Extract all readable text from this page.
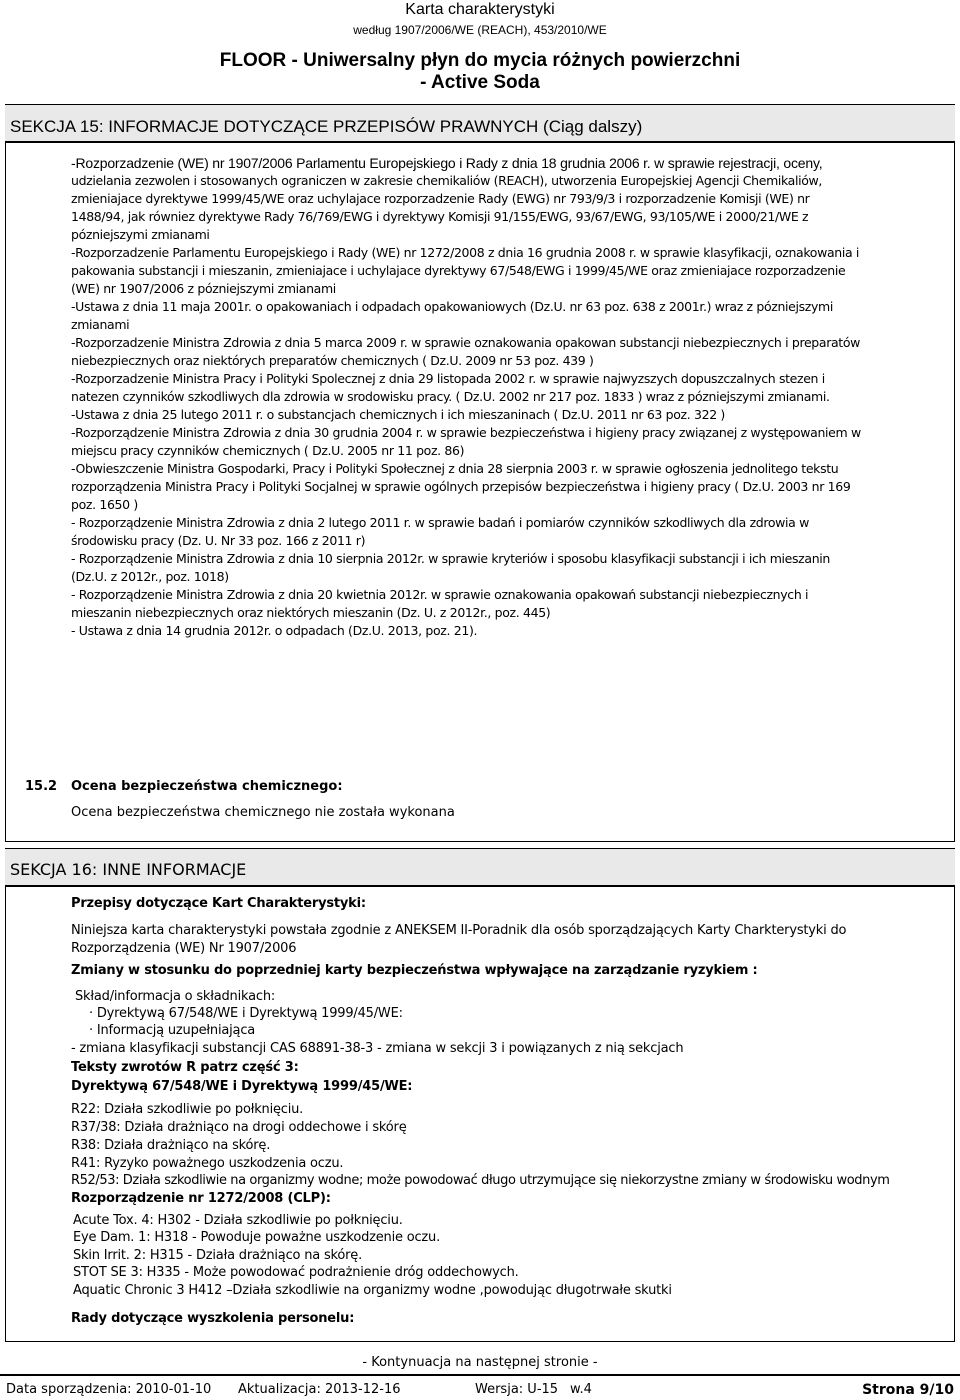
Karta charakterystyki
według 1907/2006/WE (REACH), 453/2010/WE
FLOOR - Uniwersalny płyn do mycia różnych powierzchni
- Active Soda
SEKCJA 15: INFORMACJE DOTYCZĄCE PRZEPISÓW PRAWNYCH (Ciąg dalszy)
-Rozporzadzenie (WE) nr 1907/2006 Parlamentu Europejskiego i Rady z dnia 18 grudnia 2006 r. w sprawie rejestracji, oceny,
udzielania zezwolen i stosowanych ograniczen w zakresie chemikaliów (REACH), utworzenia Europejskiej Agencji Chemikaliów,
zmieniajace dyrektywe 1999/45/WE oraz uchylajace rozporzadzenie Rady (EWG) nr 793/9/3 i rozporzadzenie Komisji (WE) nr
1488/94, jak równiez dyrektywe Rady 76/769/EWG i dyrektywy Komisji 91/155/EWG, 93/67/EWG, 93/105/WE i 2000/21/WE z
pózniejszymi zmianami
-Rozporzadzenie Parlamentu Europejskiego i Rady (WE) nr 1272/2008 z dnia 16 grudnia 2008 r. w sprawie klasyfikacji, oznakowania i
pakowania substancji i mieszanin, zmieniajace i uchylajace dyrektywy 67/548/EWG i 1999/45/WE oraz zmieniajace rozporzadzenie
(WE) nr 1907/2006 z pózniejszymi zmianami
-Ustawa z dnia 11 maja 2001r. o opakowaniach i odpadach opakowaniowych (Dz.U. nr 63 poz. 638 z 2001r.) wraz z pózniejszymi
zmianami
-Rozporzadzenie Ministra Zdrowia z dnia 5 marca 2009 r. w sprawie oznakowania opakowan substancji niebezpiecznych i preparatów
niebezpiecznych oraz niektórych preparatów chemicznych ( Dz.U. 2009 nr 53 poz. 439 )
-Rozporzadzenie Ministra Pracy i Polityki Spolecznej z dnia 29 listopada 2002 r. w sprawie najwyzszych dopuszczalnych stezen i
natezen czynników szkodliwych dla zdrowia w srodowisku pracy. ( Dz.U. 2002 nr 217 poz. 1833 ) wraz z pózniejszymi zmianami.
-Ustawa z dnia 25 lutego 2011 r. o substancjach chemicznych i ich mieszaninach ( Dz.U. 2011 nr 63 poz. 322 )
-Rozporządzenie Ministra Zdrowia z dnia 30 grudnia 2004 r. w sprawie bezpieczeństwa i higieny pracy związanej z występowaniem w
miejscu pracy czynników chemicznych ( Dz.U. 2005 nr 11 poz. 86)
-Obwieszczenie Ministra Gospodarki, Pracy i Polityki Społecznej z dnia 28 sierpnia 2003 r. w sprawie ogłoszenia jednolitego tekstu
rozporządzenia Ministra Pracy i Polityki Socjalnej w sprawie ogólnych przepisów bezpieczeństwa i higieny pracy ( Dz.U. 2003 nr 169
poz. 1650 )
- Rozporządzenie Ministra Zdrowia z dnia 2 lutego 2011 r. w sprawie badań i pomiarów czynników szkodliwych dla zdrowia w
środowisku pracy (Dz. U. Nr 33 poz. 166 z 2011 r)
- Rozporządzenie Ministra Zdrowia z dnia 10 sierpnia 2012r. w sprawie kryteriów i sposobu klasyfikacji substancji i ich mieszanin
(Dz.U. z 2012r., poz. 1018)
- Rozporządzenie Ministra Zdrowia z dnia 20 kwietnia 2012r. w sprawie oznakowania opakowań substancji niebezpiecznych i
mieszanin niebezpiecznych oraz niektórych mieszanin (Dz. U. z 2012r., poz. 445)
- Ustawa z dnia 14 grudnia 2012r. o odpadach (Dz.U. 2013, poz. 21).
15.2 Ocena bezpieczeństwa chemicznego:
Ocena bezpieczeństwa chemicznego nie została wykonana
SEKCJA 16: INNE INFORMACJE
Przepisy dotyczące Kart Charakterystyki:
Niniejsza karta charakterystyki powstała zgodnie z ANEKSEM II-Poradnik dla osób sporządzających Karty Charkterystyki do
Rozporządzenia (WE) Nr 1907/2006
Zmiany w stosunku do poprzedniej karty bezpieczeństwa wpływające na zarządzanie ryzykiem :
Skład/informacja o składnikach:
· Dyrektywą 67/548/WE i Dyrektywą 1999/45/WE:
· Informacją uzupełniająca
- zmiana klasyfikacji substancji CAS 68891-38-3 - zmiana w sekcji 3 i powiązanych z nią sekcjach
Teksty zwrotów R patrz część 3:
Dyrektywą 67/548/WE i Dyrektywą 1999/45/WE:
R22: Działa szkodliwie po połknięciu.
R37/38: Działa drażniąco na drogi oddechowe i skórę
R38: Działa drażniąco na skórę.
R41: Ryzyko poważnego uszkodzenia oczu.
R52/53: Działa szkodliwie na organizmy wodne; może powodować długo utrzymujące się niekorzystne zmiany w środowisku wodnym
Rozporządzenie nr 1272/2008 (CLP):
Acute Tox. 4: H302 - Działa szkodliwie po połknięciu.
Eye Dam. 1: H318 - Powoduje poważne uszkodzenie oczu.
Skin Irrit. 2: H315 - Działa drażniąco na skórę.
STOT SE 3: H335 - Może powodować podrażnienie dróg oddechowych.
Aquatic Chronic 3 H412 –Działa szkodliwie na organizmy wodne ,powodując długotrwałe skutki
Rady dotyczące wyszkolenia personelu:
- Kontynuacja na następnej stronie -
Data sporządzenia: 2010-01-10 Aktualizacja: 2013-12-16	Wersja: U-15 w.4	Strona 9/10
